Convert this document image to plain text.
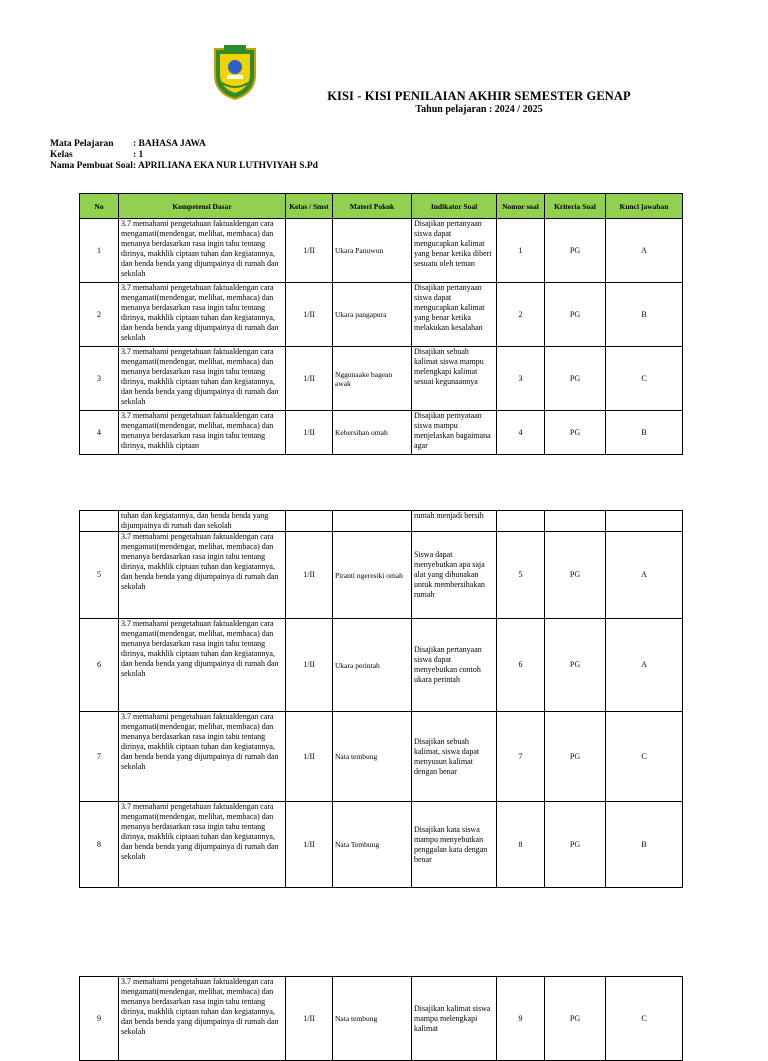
KISI - KISI PENILAIAN AKHIR SEMESTER GENAP
Tahun pelajaran : 2024 / 2025
Mata Pelajaran	: BAHASA JAWA
Kelas	: 1
Nama Pembuat Soal : APRILIANA EKA NUR LUTHVIYAH S.Pd
No	Kompetensi Dasar	Kelas / Smst	Materi Pokok	Indikator Soal	Nomor soal	Kriteria Soal	Kunci jawaban
1	3.7 memahami pengetahuan faktualdengan cara mengamati(mendengar, melihat, membaca) dan menanya berdasarkan rasa ingin tahu tentang dirinya, makhlik ciptaan tuhan dan kegiatannya, dan benda benda yang dijumpainya di rumah dan sekolah	1/II	Ukara Panuwun	Disajikan pertanyaan siswa dapat mengucapkan kalimat yang benar ketika diberi sesuatu oleh teman	1	PG	A
2	3.7 memahami pengetahuan faktualdengan cara mengamati(mendengar, melihat, membaca) dan menanya berdasarkan rasa ingin tahu tentang dirinya, makhlik ciptaan tuhan dan kegiatannya, dan benda benda yang dijumpainya di rumah dan sekolah	1/II	Ukara pangapura	Disajikan pertanyaan siswa dapat mengucapkan kalimat yang benar ketika melakukan kesalahan	2	PG	B
3	3.7 memahami pengetahuan faktualdengan cara mengamati(mendengar, melihat, membaca) dan menanya berdasarkan rasa ingin tahu tentang dirinya, makhlik ciptaan tuhan dan kegiatannya, dan benda benda yang dijumpainya di rumah dan sekolah	1/II	Nggunaake bagean awak	Disajikan sebuah kalimat siswa mampu melengkapi kalimat sesuai kegunaannya	3	PG	C
4	3.7 memahami pengetahuan faktualdengan cara mengamati(mendengar, melihat, membaca) dan menanya berdasarkan rasa ingin tahu tentang dirinya, makhlik ciptaan	1/II	Kebersihan omah	Disajikan pernyataan siswa mampu menjelaskan bagaimana agar	4	PG	B
	tuhan dan kegiatannya, dan benda benda yang dijumpainya di rumah dan sekolah			rumah menjadi bersih			
5	3.7 memahami pengetahuan faktualdengan cara mengamati(mendengar, melihat, membaca) dan menanya berdasarkan rasa ingin tahu tentang dirinya, makhlik ciptaan tuhan dan kegiatannya, dan benda benda yang dijumpainya di rumah dan sekolah	1/II	Piranti ngeresiki omah	Siswa dapat menyebutkan apa saja alat yang dihunakan untuk membersihakan rumah	5	PG	A
6	3.7 memahami pengetahuan faktualdengan cara mengamati(mendengar, melihat, membaca) dan menanya berdasarkan rasa ingin tahu tentang dirinya, makhlik ciptaan tuhan dan kegiatannya, dan benda benda yang dijumpainya di rumah dan sekolah	1/II	Ukara perintah	Disajikan pertanyaan siswa dapat menyebutkan contoh ukara perintah	6	PG	A
7	3.7 memahami pengetahuan faktualdengan cara mengamati(mendengar, melihat, membaca) dan menanya berdasarkan rasa ingin tahu tentang dirinya, makhlik ciptaan tuhan dan kegiatannya, dan benda benda yang dijumpainya di rumah dan sekolah	1/II	Nata tembung	Disajikan sebuah kalimat, siswa dapat menyusun kalimat dengan benar	7	PG	C
8	3.7 memahami pengetahuan faktualdengan cara mengamati(mendengar, melihat, membaca) dan menanya berdasarkan rasa ingin tahu tentang dirinya, makhlik ciptaan tuhan dan kegiatannya, dan benda benda yang dijumpainya di rumah dan sekolah	1/II	Nata Tembung	Disajikan kata siswa mampu menyebutkan penggalan kata dengan benar	8	PG	B
9	3.7 memahami pengetahuan faktualdengan cara mengamati(mendengar, melihat, membaca) dan menanya berdasarkan rasa ingin tahu tentang dirinya, makhlik ciptaan tuhan dan kegiatannya, dan benda benda yang dijumpainya di rumah dan sekolah	1/II	Nata tembung	Disajikan kalimat siswa mampu melengkapi kalimat	9	PG	C
